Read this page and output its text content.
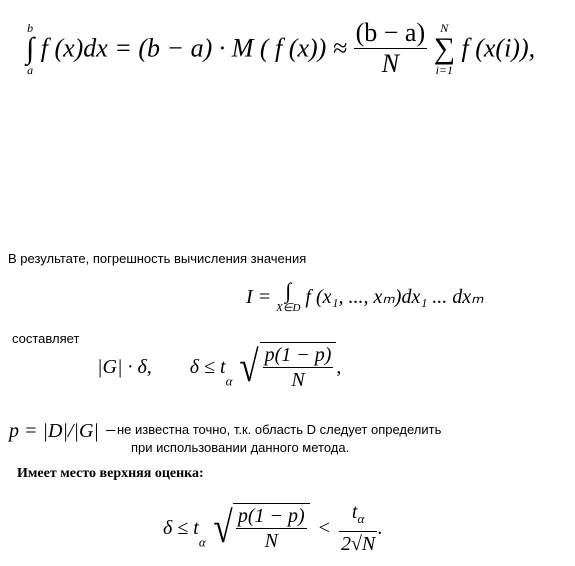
b
∫
a
f (x)dx = (b − a) · M ( f $(x)) \approx \frac{(b - a)}{N}$
	N
∑
i=1
f (x(i)),
В результате, погрешность вычисления значения
I = ∫
X∈D f (x₁, ..., xₘ)dx₁ ... dxₘ
составляет
|G| · δ, $\delta \le t_\alpha$ √ $\frac{p(1 - p)}{N}$ ,
p = |D|/|G| − не известна точно, т.к. область D следует определить
при использовании данного метода.
Имеет место верхняя оценка:
$\delta \le t_\alpha$ √ $\frac{p(1 - p)}{N} < \frac{t_\alpha}{2√N}$ .
